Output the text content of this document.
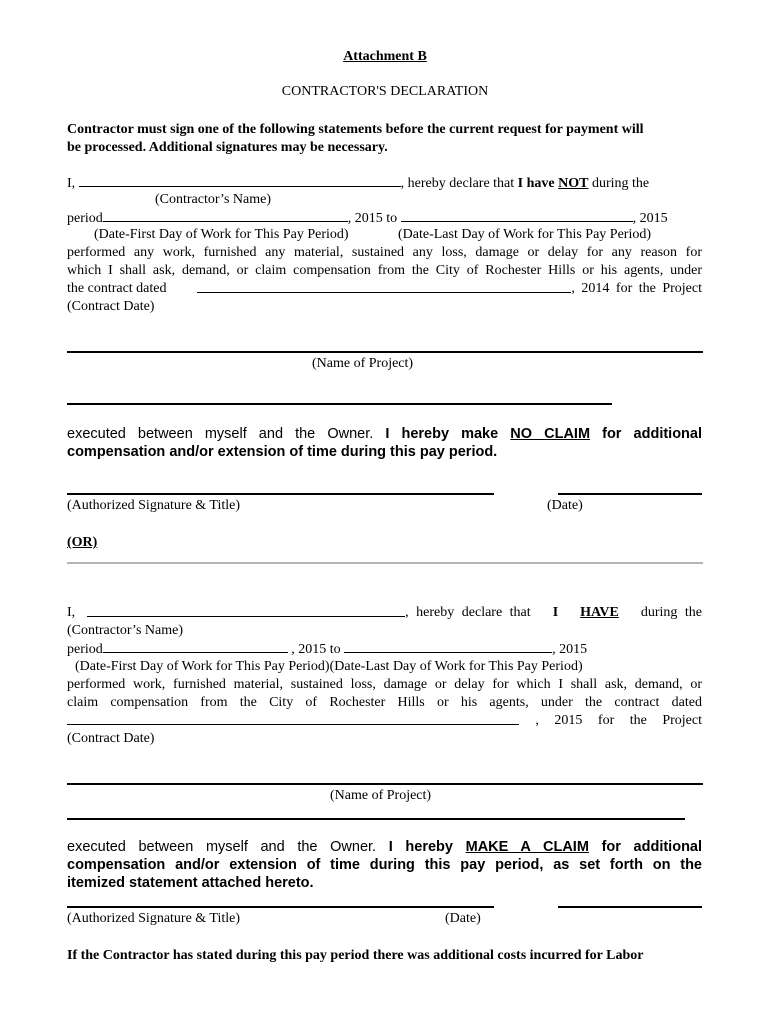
Attachment B
CONTRACTOR'S DECLARATION
Contractor must sign one of the following statements before the current request for payment will
be processed. Additional signatures may be necessary.
I,	, hereby declare that I have NOT during the
(Contractor’s Name)
period	, 2015 to	, 2015
(Date-First Day of Work for This Pay Period)	(Date-Last Day of Work for This Pay Period)
performed any work, furnished any material, sustained any loss, damage or delay for any reason for
which I shall ask, demand, or claim compensation from the City of Rochester Hills or his agents, under
the contract dated	, 2014 for the Project
(Contract Date)
(Name of Project)
executed between myself and the Owner. I hereby make NO CLAIM for additional
compensation and/or extension of time during this pay period.
(Authorized Signature & Title)	(Date)
(OR)
I,	, hereby declare that I HAVE during the
(Contractor’s Name)
period	, 2015 to	, 2015
(Date-First Day of Work for This Pay Period)(Date-Last Day of Work for This Pay Period)
performed work, furnished material, sustained loss, damage or delay for which I shall ask, demand, or
claim compensation from the City of Rochester Hills or his agents, under the contract dated
, 2015 for the Project
(Contract Date)
(Name of Project)
executed between myself and the Owner. I hereby MAKE A CLAIM for additional
compensation and/or extension of time during this pay period, as set forth on the
itemized statement attached hereto.
(Authorized Signature & Title)	(Date)
If the Contractor has stated during this pay period there was additional costs incurred for Labor
